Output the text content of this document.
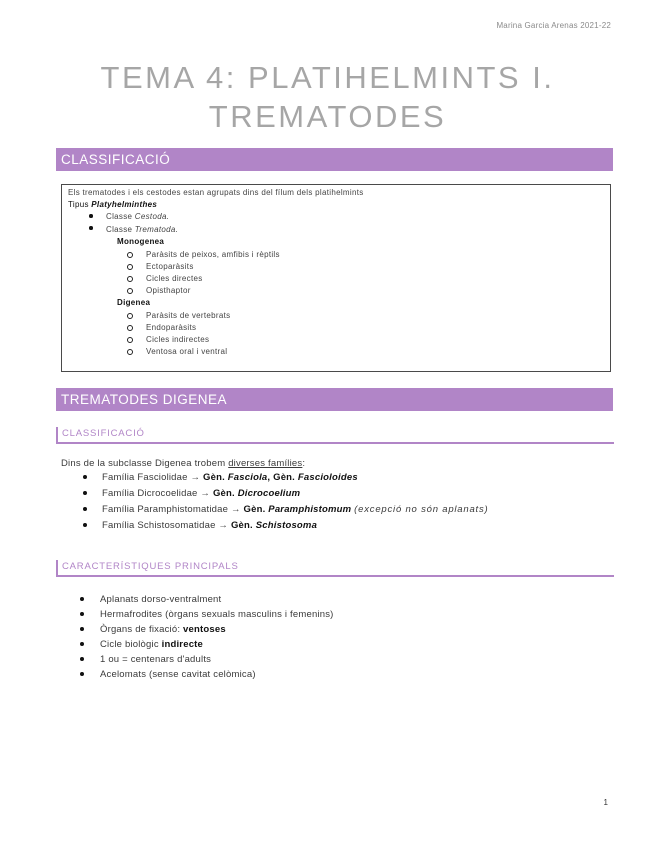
Marina Garcia Arenas 2021-22
TEMA 4: PLATIHELMINTS I.
TREMATODES
CLASSIFICACIÓ
Els trematodes i els cestodes estan agrupats dins del fílum dels platihelmints
Tipus Platyhelminthes
Classe Cestoda.
Classe Trematoda.
Monogenea
Paràsits de peixos, amfibis i rèptils
Ectoparàsits
Cicles directes
Opisthaptor
Digenea
Paràsits de vertebrats
Endoparàsits
Cicles indirectes
Ventosa oral i ventral
TREMATODES DIGENEA
CLASSIFICACIÓ
Dins de la subclasse Digenea trobem diverses famílies:
Família Fasciolidae → Gèn. Fasciola, Gèn. Fascioloides
Família Dicrocoelidae → Gèn. Dicrocoelium
Família Paramphistomatidae → Gèn. Paramphistomum (excepció no són aplanats)
Família Schistosomatidae → Gèn. Schistosoma
CARACTERÍSTIQUES PRINCIPALS
Aplanats dorso-ventralment
Hermafrodites (òrgans sexuals masculins i femenins)
Òrgans de fixació: ventoses
Cicle biològic indirecte
1 ou = centenars d'adults
Acelomats (sense cavitat celòmica)
1
